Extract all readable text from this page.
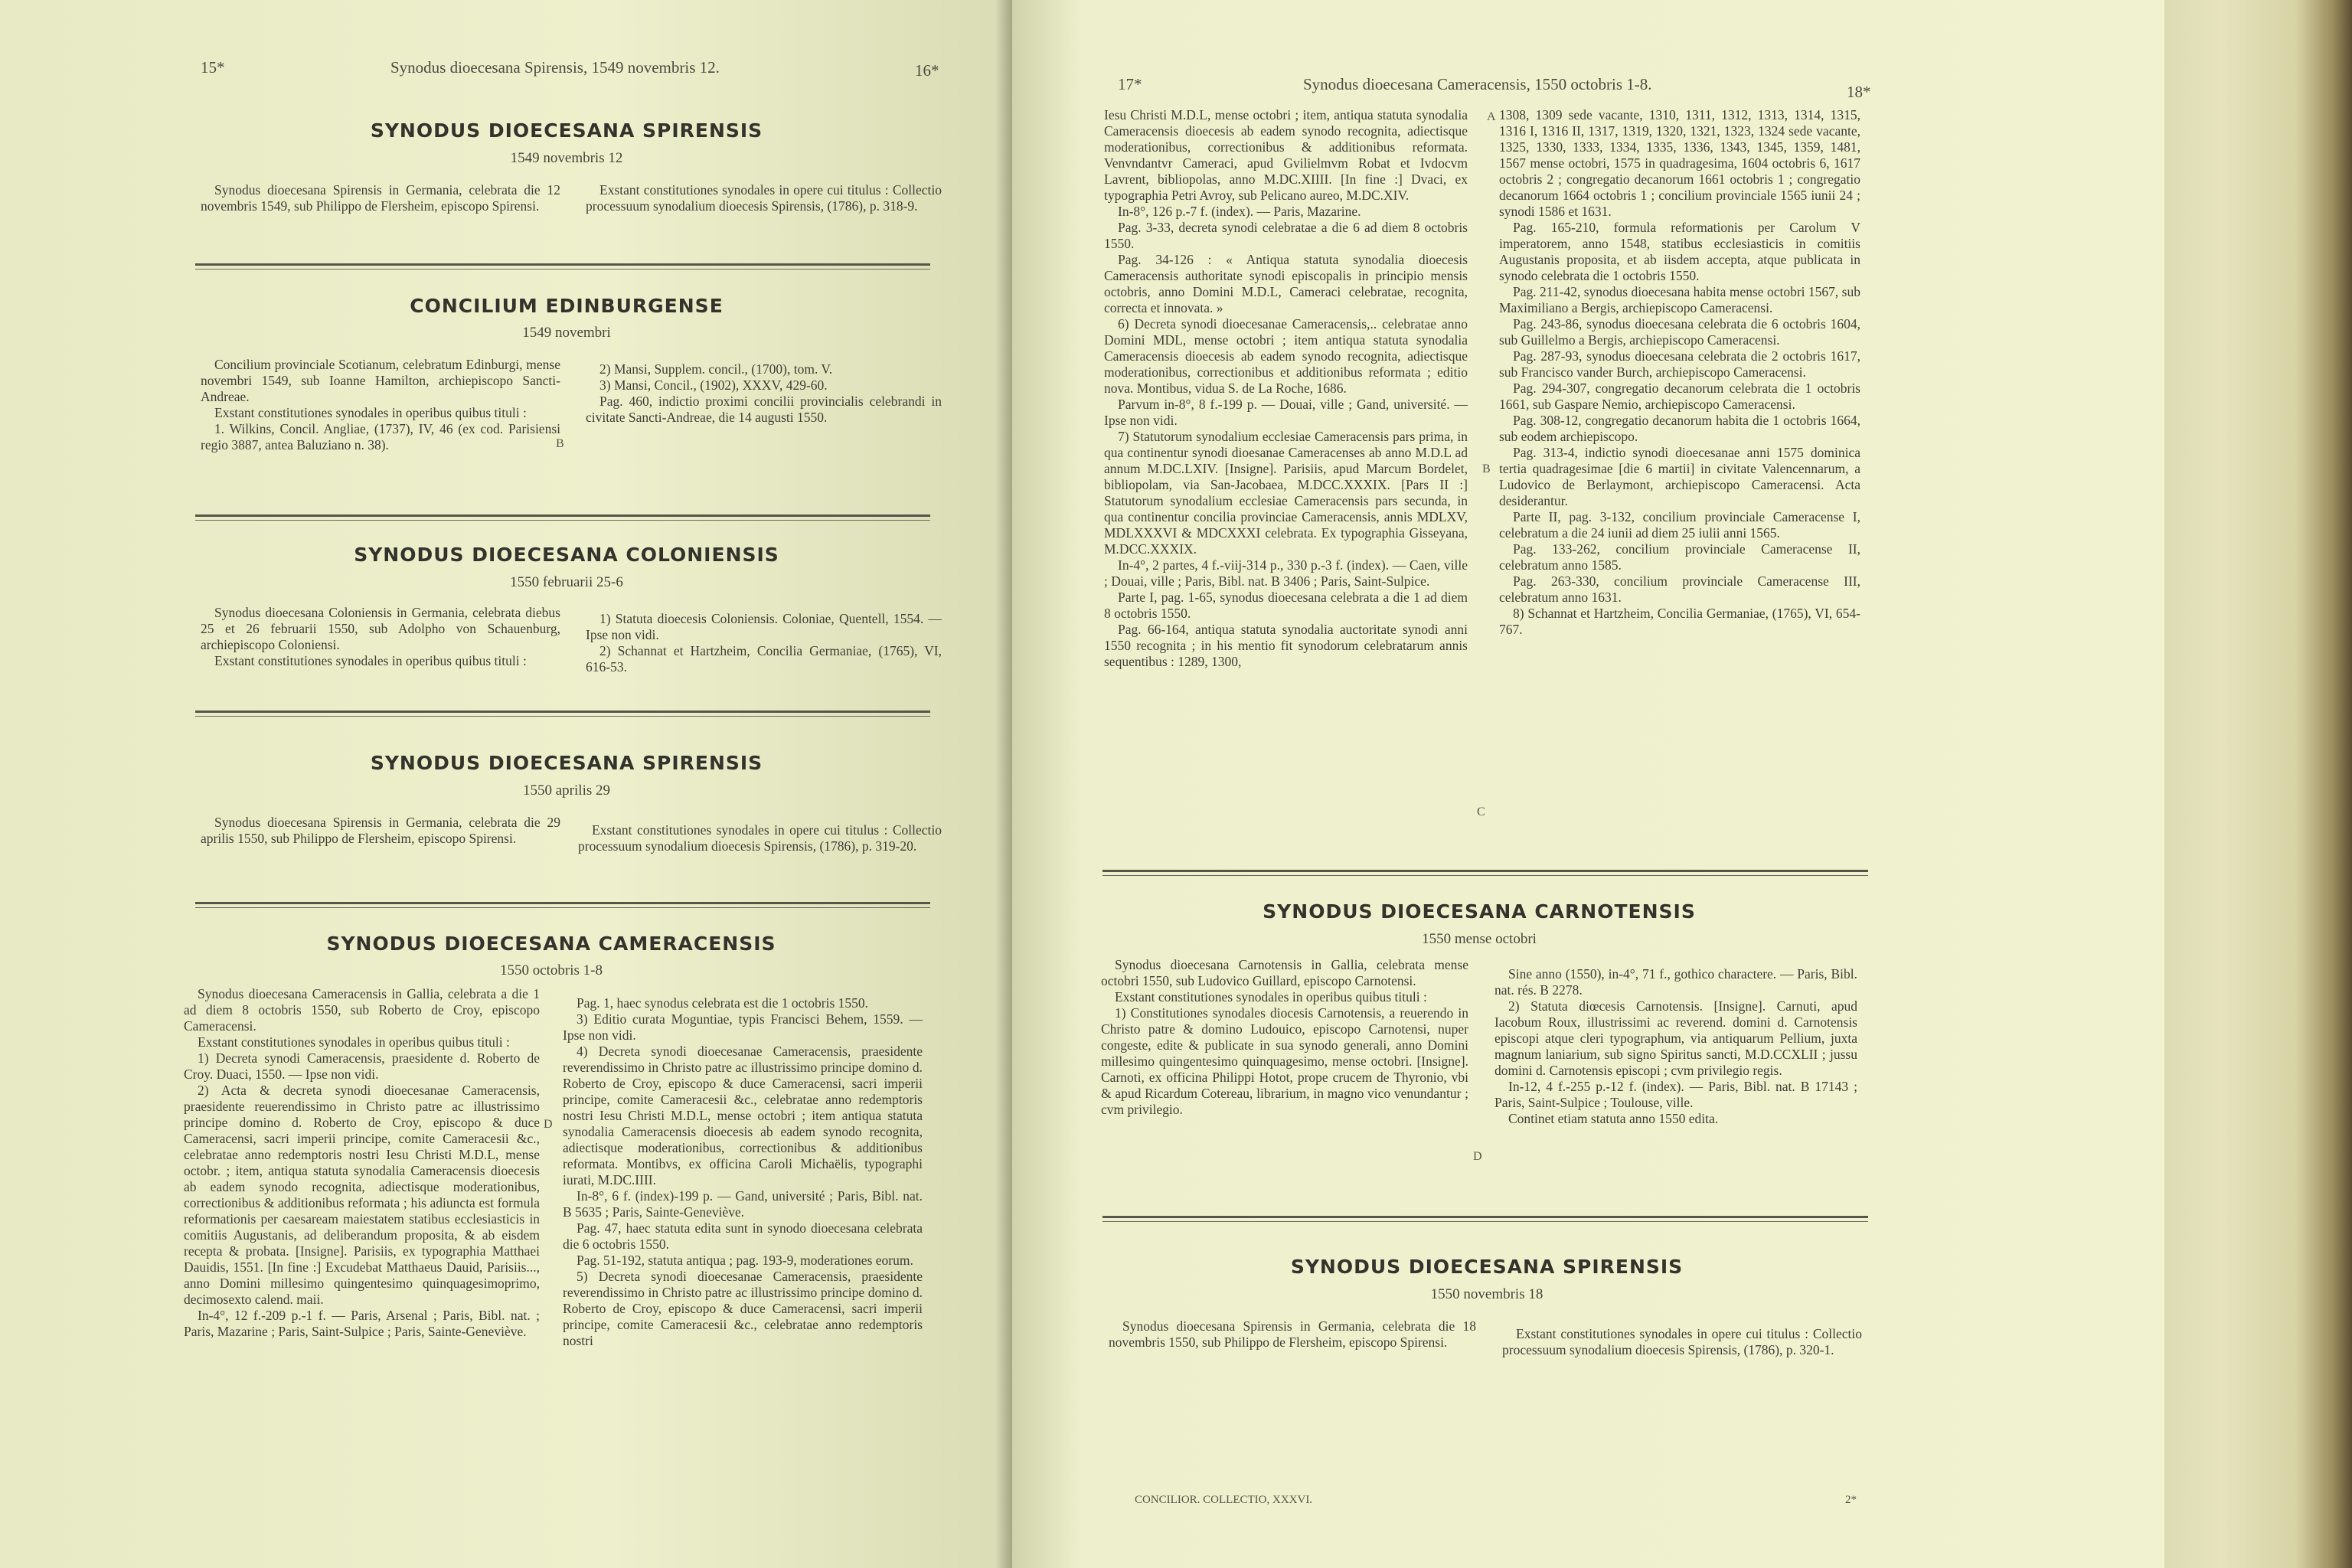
15*	Synodus dioecesana Spirensis, 1549 novembris 12.	16*
SYNODUS DIOECESANA SPIRENSIS
1549 novembris 12

Synodus dioecesana Spirensis in Germania, celebrata die 12 novembris 1549, sub Philippo de Flersheim, episcopo Spirensi.

Exstant constitutiones synodales in opere cui titulus : Collectio processuum synodalium dioecesis Spirensis, (1786), p. 318-9.

CONCILIUM EDINBURGENSE
1549 novembri

Concilium provinciale Scotianum, celebratum Edinburgi, mense novembri 1549, sub Ioanne Hamilton, archiepiscopo Sancti-Andreae.

Exstant constitutiones synodales in operibus quibus tituli :

1. Wilkins, Concil. Angliae, (1737), IV, 46 (ex cod. Parisiensi regio 3887, antea Baluziano n. 38).

2) Mansi, Supplem. concil., (1700), tom. V.

3) Mansi, Concil., (1902), XXXV, 429-60.

Pag. 460, indictio proximi concilii provincialis celebrandi in civitate Sancti-Andreae, die 14 augusti 1550.

B
SYNODUS DIOECESANA COLONIENSIS
1550 februarii 25-6

Synodus dioecesana Coloniensis in Germania, celebrata diebus 25 et 26 februarii 1550, sub Adolpho von Schauenburg, archiepiscopo Coloniensi.

Exstant constitutiones synodales in operibus quibus tituli :

1) Statuta dioecesis Coloniensis. Coloniae, Quentell, 1554. — Ipse non vidi.

2) Schannat et Hartzheim, Concilia Germaniae, (1765), VI, 616-53.

SYNODUS DIOECESANA SPIRENSIS
1550 aprilis 29

Synodus dioecesana Spirensis in Germania, celebrata die 29 aprilis 1550, sub Philippo de Flersheim, episcopo Spirensi.

Exstant constitutiones synodales in opere cui titulus : Collectio processuum synodalium dioecesis Spirensis, (1786), p. 319-20.

SYNODUS DIOECESANA CAMERACENSIS
1550 octobris 1-8

Synodus dioecesana Cameracensis in Gallia, celebrata a die 1 ad diem 8 octobris 1550, sub Roberto de Croy, episcopo Cameracensi.

Exstant constitutiones synodales in operibus quibus tituli :

1) Decreta synodi Cameracensis, praesidente d. Roberto de Croy. Duaci, 1550. — Ipse non vidi.

2) Acta & decreta synodi dioecesanae Cameracensis, praesidente reuerendissimo in Christo patre ac illustrissimo principe domino d. Roberto de Croy, episcopo & duce Cameracensi, sacri imperii principe, comite Cameracesii &c., celebratae anno redemptoris nostri Iesu Christi M.D.L, mense octobr. ; item, antiqua statuta synodalia Cameracensis dioecesis ab eadem synodo recognita, adiectisque moderationibus, correctionibus & additionibus reformata ; his adiuncta est formula reformationis per caesaream maiestatem statibus ecclesiasticis in comitiis Augustanis, ad deliberandum proposita, & ab eisdem recepta & probata. [Insigne]. Parisiis, ex typographia Matthaei Dauidis, 1551. [In fine :] Excudebat Matthaeus Dauid, Parisiis..., anno Domini millesimo quingentesimo quinquagesimoprimo, decimosexto calend. maii.

In-4°, 12 f.-209 p.-1 f. — Paris, Arsenal ; Paris, Bibl. nat. ; Paris, Mazarine ; Paris, Saint-Sulpice ; Paris, Sainte-Geneviève.

Pag. 1, haec synodus celebrata est die 1 octobris 1550.

3) Editio curata Moguntiae, typis Francisci Behem, 1559. — Ipse non vidi.

4) Decreta synodi dioecesanae Cameracensis, praesidente reverendissimo in Christo patre ac illustrissimo principe domino d. Roberto de Croy, episcopo & duce Cameracensi, sacri imperii principe, comite Cameracesii &c., celebratae anno redemptoris nostri Iesu Christi M.D.L, mense octobri ; item antiqua statuta synodalia Cameracensis dioecesis ab eadem synodo recognita, adiectisque moderationibus, correctionibus & additionibus reformata. Montibvs, ex officina Caroli Michaëlis, typographi iurati, M.DC.IIII.

In-8°, 6 f. (index)-199 p. — Gand, université ; Paris, Bibl. nat. B 5635 ; Paris, Sainte-Geneviève.

Pag. 47, haec statuta edita sunt in synodo dioecesana celebrata die 6 octobris 1550.

Pag. 51-192, statuta antiqua ; pag. 193-9, moderationes eorum.

5) Decreta synodi dioecesanae Cameracensis, praesidente reverendissimo in Christo patre ac illustrissimo principe domino d. Roberto de Croy, episcopo & duce Cameracensi, sacri imperii principe, comite Cameracesii &c., celebratae anno redemptoris nostri

D
17*	Synodus dioecesana Cameracensis, 1550 octobris 1-8.	18*

Iesu Christi M.D.L, mense octobri ; item, antiqua statuta synodalia Cameracensis dioecesis ab eadem synodo recognita, adiectisque moderationibus, correctionibus & additionibus reformata. Venvndantvr Cameraci, apud Gvilielmvm Robat et Ivdocvm Lavrent, bibliopolas, anno M.DC.XIIII. [In fine :] Dvaci, ex typographia Petri Avroy, sub Pelicano aureo, M.DC.XIV.

In-8°, 126 p.-7 f. (index). — Paris, Mazarine.

Pag. 3-33, decreta synodi celebratae a die 6 ad diem 8 octobris 1550.

Pag. 34-126 : « Antiqua statuta synodalia dioecesis Cameracensis authoritate synodi episcopalis in principio mensis octobris, anno Domini M.D.L, Cameraci celebratae, recognita, correcta et innovata. »

6) Decreta synodi dioecesanae Cameracensis,.. celebratae anno Domini MDL, mense octobri ; item antiqua statuta synodalia Cameracensis dioecesis ab eadem synodo recognita, adiectisque moderationibus, correctionibus et additionibus reformata ; editio nova. Montibus, vidua S. de La Roche, 1686.

Parvum in-8°, 8 f.-199 p. — Douai, ville ; Gand, université. — Ipse non vidi.

7) Statutorum synodalium ecclesiae Cameracensis pars prima, in qua continentur synodi dioesanae Cameracenses ab anno M.D.L ad annum M.DC.LXIV. [Insigne]. Parisiis, apud Marcum Bordelet, bibliopolam, via San-Jacobaea, M.DCC.XXXIX. [Pars II :] Statutorum synodalium ecclesiae Cameracensis pars secunda, in qua continentur concilia provinciae Cameracensis, annis MDLXV, MDLXXXVI & MDCXXXI celebrata. Ex typographia Gisseyana, M.DCC.XXXIX.

In-4°, 2 partes, 4 f.-viij-314 p., 330 p.-3 f. (index). — Caen, ville ; Douai, ville ; Paris, Bibl. nat. B 3406 ; Paris, Saint-Sulpice.

Parte I, pag. 1-65, synodus dioecesana celebrata a die 1 ad diem 8 octobris 1550.

Pag. 66-164, antiqua statuta synodalia auctoritate synodi anni 1550 recognita ; in his mentio fit synodorum celebratarum annis sequentibus : 1289, 1300,

A
B
C

1308, 1309 sede vacante, 1310, 1311, 1312, 1313, 1314, 1315, 1316 I, 1316 II, 1317, 1319, 1320, 1321, 1323, 1324 sede vacante, 1325, 1330, 1333, 1334, 1335, 1336, 1343, 1345, 1359, 1481, 1567 mense octobri, 1575 in quadragesima, 1604 octobris 6, 1617 octobris 2 ; congregatio decanorum 1661 octobris 1 ; congregatio decanorum 1664 octobris 1 ; concilium provinciale 1565 iunii 24 ; synodi 1586 et 1631.

Pag. 165-210, formula reformationis per Carolum V imperatorem, anno 1548, statibus ecclesiasticis in comitiis Augustanis proposita, et ab iisdem accepta, atque publicata in synodo celebrata die 1 octobris 1550.

Pag. 211-42, synodus dioecesana habita mense octobri 1567, sub Maximiliano a Bergis, archiepiscopo Cameracensi.

Pag. 243-86, synodus dioecesana celebrata die 6 octobris 1604, sub Guillelmo a Bergis, archiepiscopo Cameracensi.

Pag. 287-93, synodus dioecesana celebrata die 2 octobris 1617, sub Francisco vander Burch, archiepiscopo Cameracensi.

Pag. 294-307, congregatio decanorum celebrata die 1 octobris 1661, sub Gaspare Nemio, archiepiscopo Cameracensi.

Pag. 308-12, congregatio decanorum habita die 1 octobris 1664, sub eodem archiepiscopo.

Pag. 313-4, indictio synodi dioecesanae anni 1575 dominica tertia quadragesimae [die 6 martii] in civitate Valencennarum, a Ludovico de Berlaymont, archiepiscopo Cameracensi. Acta desiderantur.

Parte II, pag. 3-132, concilium provinciale Cameracense I, celebratum a die 24 iunii ad diem 25 iulii anni 1565.

Pag. 133-262, concilium provinciale Cameracense II, celebratum anno 1585.

Pag. 263-330, concilium provinciale Cameracense III, celebratum anno 1631.

8) Schannat et Hartzheim, Concilia Germaniae, (1765), VI, 654-767.

SYNODUS DIOECESANA CARNOTENSIS
1550 mense octobri

Synodus dioecesana Carnotensis in Gallia, celebrata mense octobri 1550, sub Ludovico Guillard, episcopo Carnotensi.

Exstant constitutiones synodales in operibus quibus tituli :

1) Constitutiones synodales diocesis Carnotensis, a reuerendo in Christo patre & domino Ludouico, episcopo Carnotensi, nuper congeste, edite & publicate in sua synodo generali, anno Domini millesimo quingentesimo quinquagesimo, mense octobri. [Insigne]. Carnoti, ex officina Philippi Hotot, prope crucem de Thyronio, vbi & apud Ricardum Cotereau, librarium, in magno vico venundantur ; cvm privilegio.

Sine anno (1550), in-4°, 71 f., gothico charactere. — Paris, Bibl. nat. rés. B 2278.

2) Statuta diœcesis Carnotensis. [Insigne]. Carnuti, apud Iacobum Roux, illustrissimi ac reverend. domini d. Carnotensis episcopi atque cleri typographum, via antiquarum Pellium, juxta magnum laniarium, sub signo Spiritus sancti, M.D.CCXLII ; jussu domini d. Carnotensis episcopi ; cvm privilegio regis.

In-12, 4 f.-255 p.-12 f. (index). — Paris, Bibl. nat. B 17143 ; Paris, Saint-Sulpice ; Toulouse, ville.

Continet etiam statuta anno 1550 edita.

D
SYNODUS DIOECESANA SPIRENSIS
1550 novembris 18

Synodus dioecesana Spirensis in Germania, celebrata die 18 novembris 1550, sub Philippo de Flersheim, episcopo Spirensi.

Exstant constitutiones synodales in opere cui titulus : Collectio processuum synodalium dioecesis Spirensis, (1786), p. 320-1.

CONCILIOR. COLLECTIO, XXXVI.	2*
